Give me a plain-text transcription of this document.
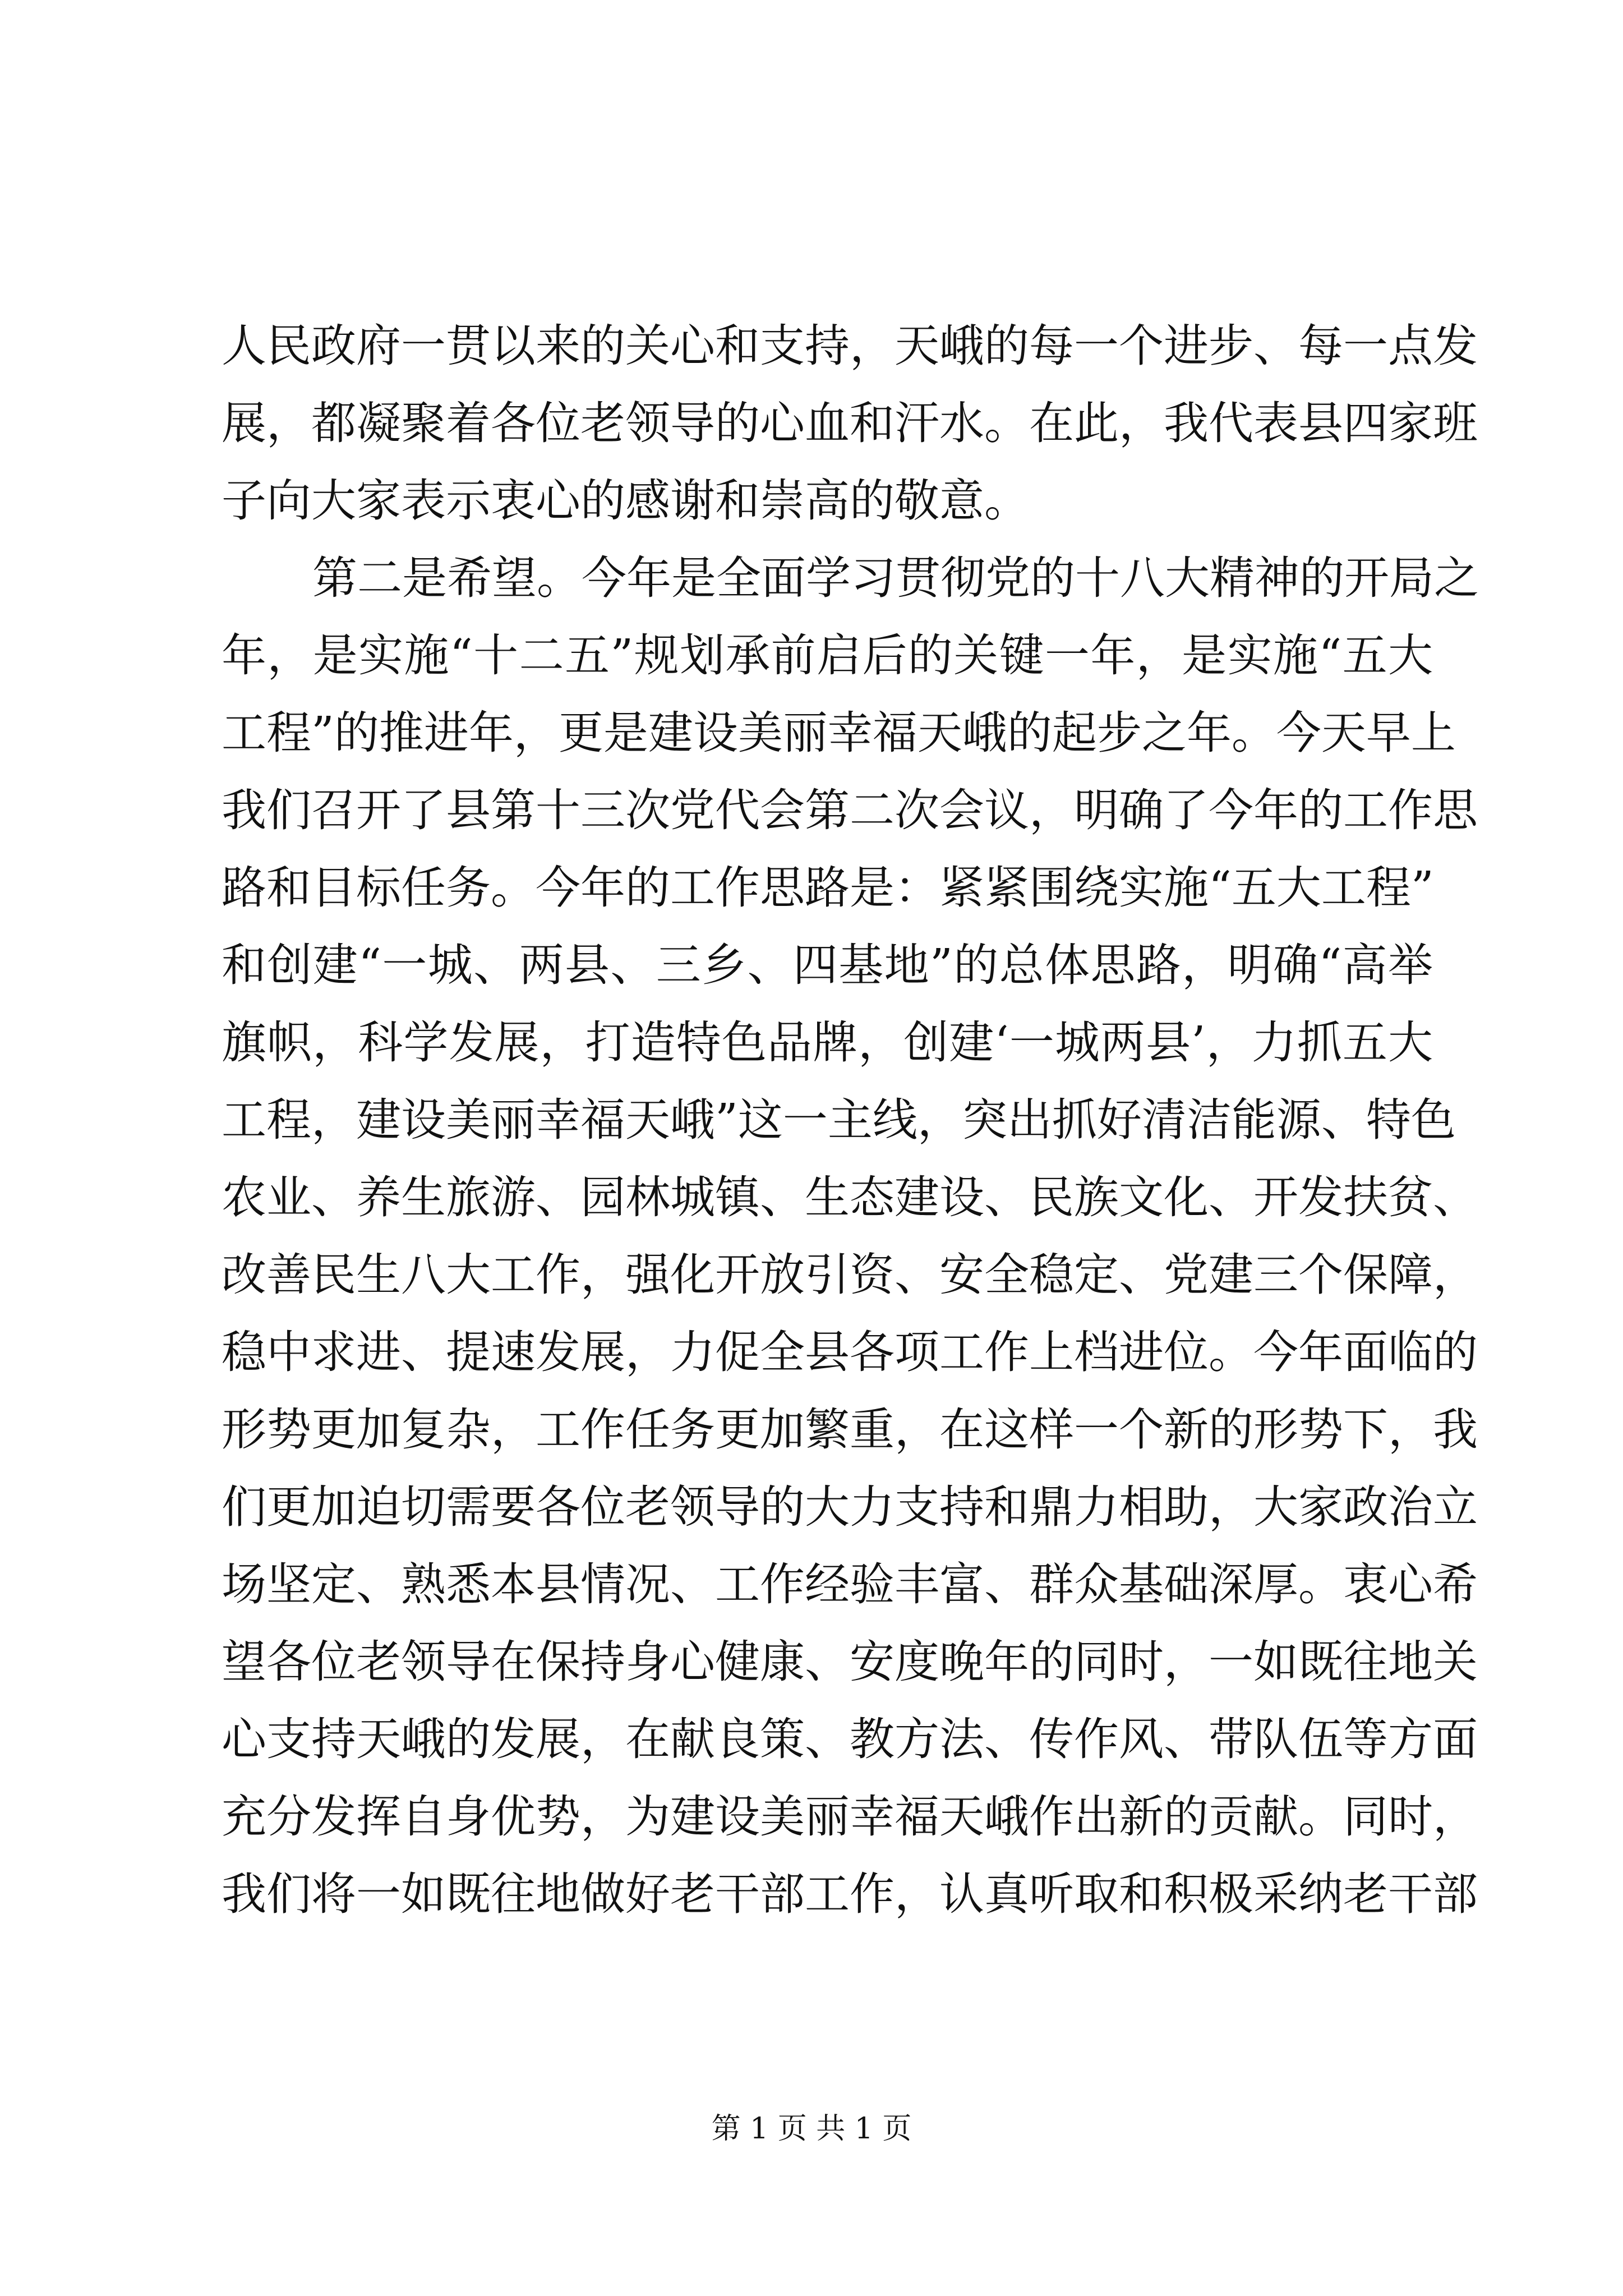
人民政府一贯以来的关心和支持，天峨的每一个进步、每一点发
展，都凝聚着各位老领导的心血和汗水。在此，我代表县四家班
子向大家表示衷心的感谢和崇高的敬意。
第二是希望。今年是全面学习贯彻党的十八大精神的开局之
年，是实施“十二五”规划承前启后的关键一年，是实施“五大
工程”的推进年，更是建设美丽幸福天峨的起步之年。今天早上
我们召开了县第十三次党代会第二次会议，明确了今年的工作思
路和目标任务。今年的工作思路是：紧紧围绕实施“五大工程”
和创建“一城、两县、三乡、四基地”的总体思路，明确“高举
旗帜，科学发展，打造特色品牌，创建‘一城两县’，力抓五大
工程，建设美丽幸福天峨”这一主线，突出抓好清洁能源、特色
农业、养生旅游、园林城镇、生态建设、民族文化、开发扶贫、
改善民生八大工作，强化开放引资、安全稳定、党建三个保障，
稳中求进、提速发展，力促全县各项工作上档进位。今年面临的
形势更加复杂，工作任务更加繁重，在这样一个新的形势下，我
们更加迫切需要各位老领导的大力支持和鼎力相助，大家政治立
场坚定、熟悉本县情况、工作经验丰富、群众基础深厚。衷心希
望各位老领导在保持身心健康、安度晚年的同时，一如既往地关
心支持天峨的发展，在献良策、教方法、传作风、带队伍等方面
充分发挥自身优势，为建设美丽幸福天峨作出新的贡献。同时，
我们将一如既往地做好老干部工作，认真听取和积极采纳老干部
第 1 页 共 1 页
